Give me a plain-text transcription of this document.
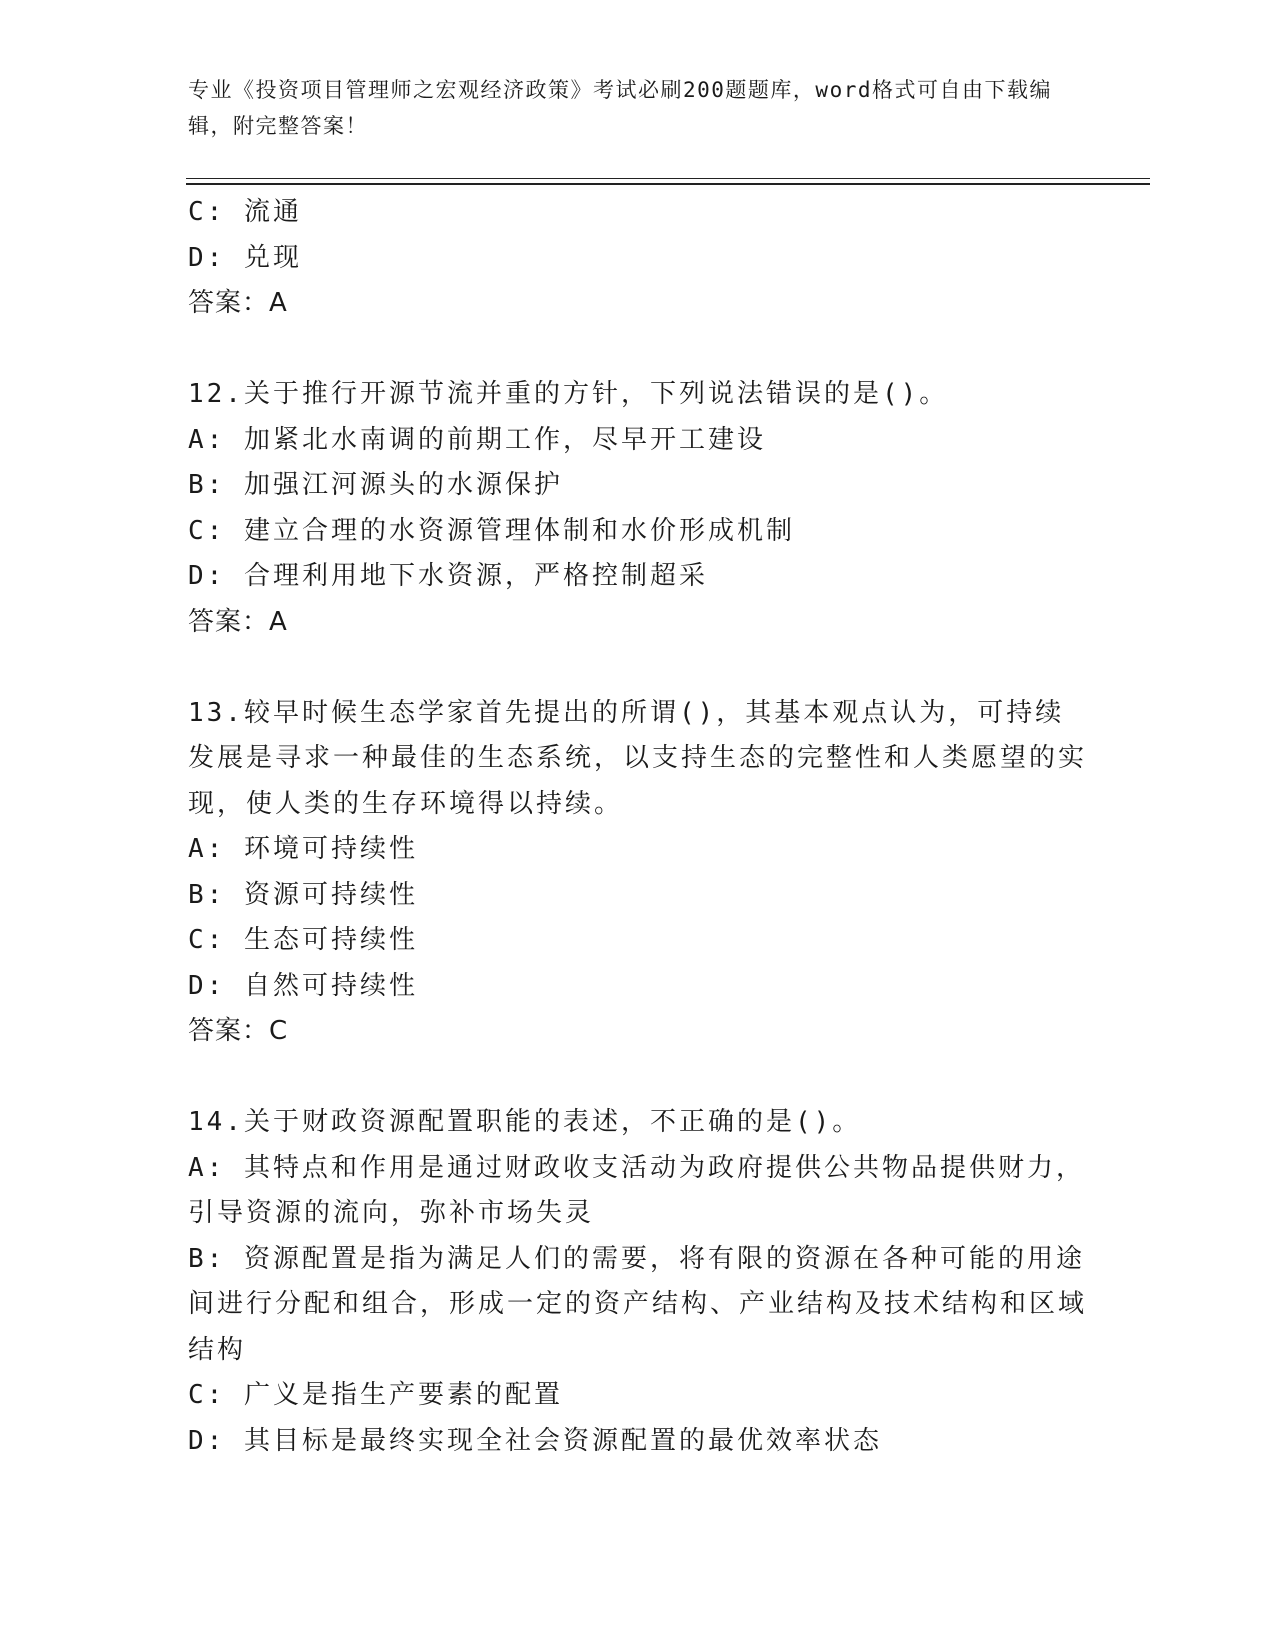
专业《投资项目管理师之宏观经济政策》考试必刷200题题库，word格式可自由下载编辑，附完整答案！
C: 流通
D: 兑现
答案：A
12.关于推行开源节流并重的方针，下列说法错误的是()。
A: 加紧北水南调的前期工作，尽早开工建设
B: 加强江河源头的水源保护
C: 建立合理的水资源管理体制和水价形成机制
D: 合理利用地下水资源，严格控制超采
答案：A
13.较早时候生态学家首先提出的所谓()，其基本观点认为，可持续发展是寻求一种最佳的生态系统，以支持生态的完整性和人类愿望的实现，使人类的生存环境得以持续。
A: 环境可持续性
B: 资源可持续性
C: 生态可持续性
D: 自然可持续性
答案：C
14.关于财政资源配置职能的表述，不正确的是()。
A: 其特点和作用是通过财政收支活动为政府提供公共物品提供财力，引导资源的流向，弥补市场失灵
B: 资源配置是指为满足人们的需要，将有限的资源在各种可能的用途间进行分配和组合，形成一定的资产结构、产业结构及技术结构和区域结构
C: 广义是指生产要素的配置
D: 其目标是最终实现全社会资源配置的最优效率状态
